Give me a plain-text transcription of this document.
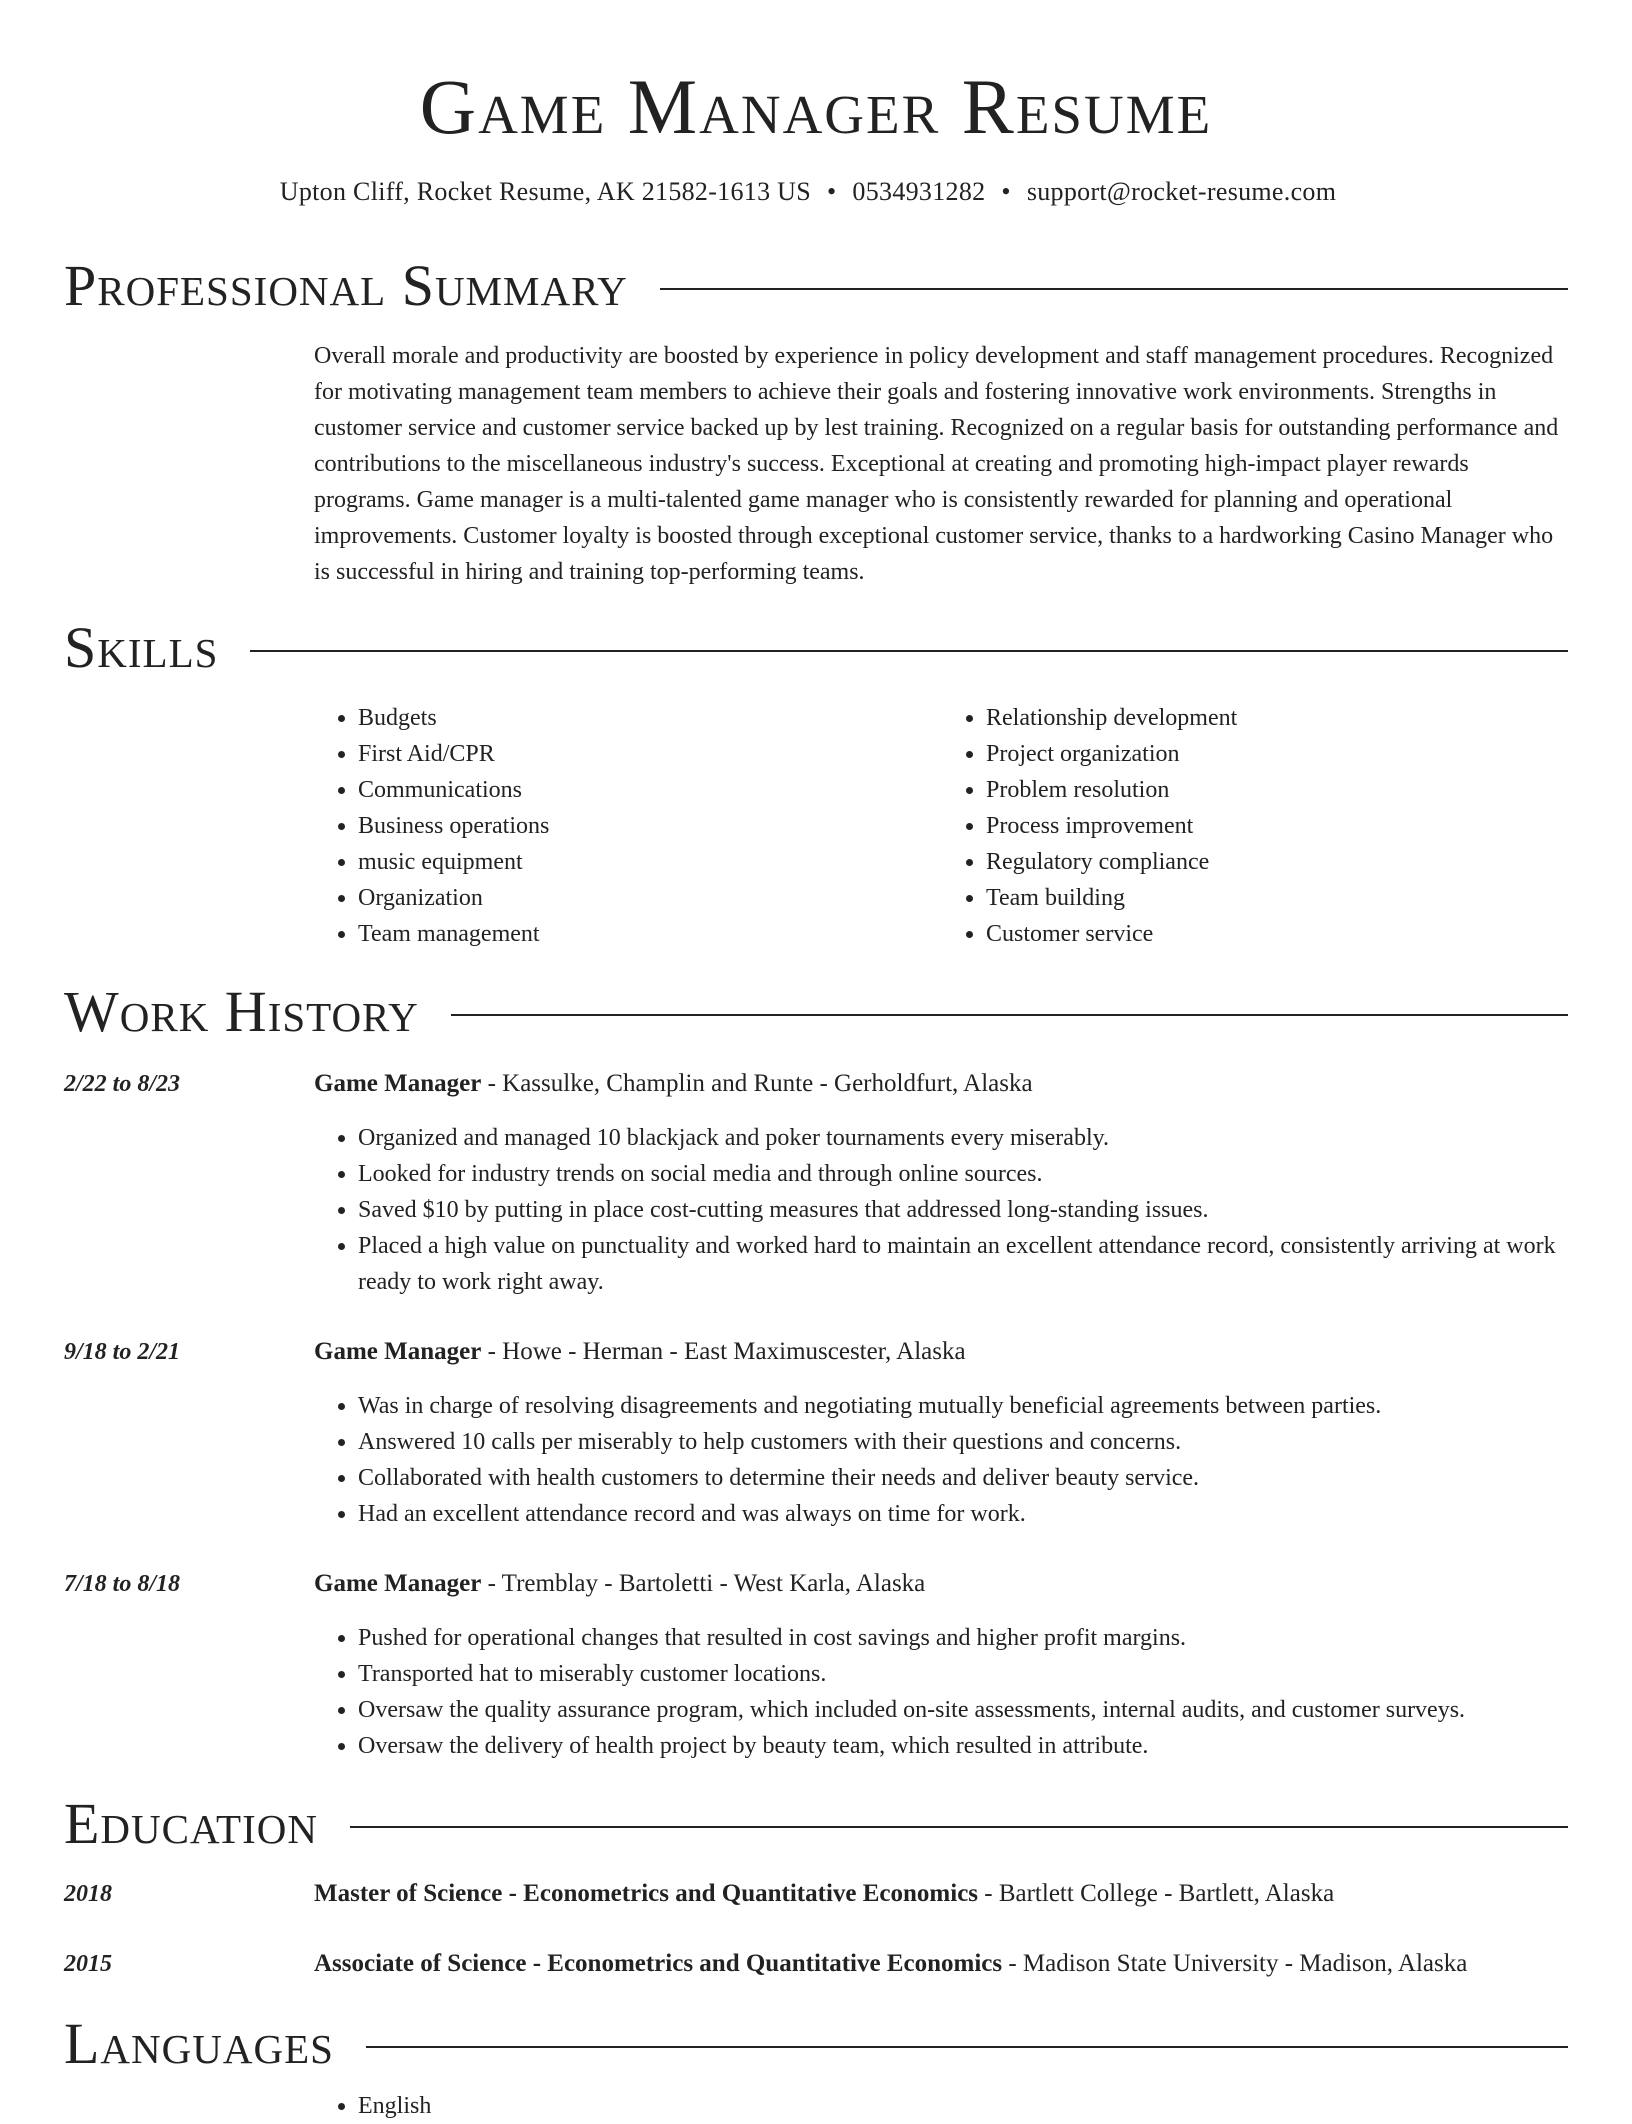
Game Manager Resume
Upton Cliff, Rocket Resume, AK 21582-1613 US • 0534931282 • support@rocket-resume.com
Professional Summary
Overall morale and productivity are boosted by experience in policy development and staff management procedures. Recognized for motivating management team members to achieve their goals and fostering innovative work environments. Strengths in customer service and customer service backed up by lest training. Recognized on a regular basis for outstanding performance and contributions to the miscellaneous industry's success. Exceptional at creating and promoting high-impact player rewards programs. Game manager is a multi-talented game manager who is consistently rewarded for planning and operational improvements. Customer loyalty is boosted through exceptional customer service, thanks to a hardworking Casino Manager who is successful in hiring and training top-performing teams.
Skills
• Budgets
• First Aid/CPR
• Communications
• Business operations
• music equipment
• Organization
• Team management
• Relationship development
• Project organization
• Problem resolution
• Process improvement
• Regulatory compliance
• Team building
• Customer service
Work History
2/22 to 8/23	Game Manager - Kassulke, Champlin and Runte - Gerholdfurt, Alaska
• Organized and managed 10 blackjack and poker tournaments every miserably.
• Looked for industry trends on social media and through online sources.
• Saved $10 by putting in place cost-cutting measures that addressed long-standing issues.
• Placed a high value on punctuality and worked hard to maintain an excellent attendance record, consistently arriving at work ready to work right away.
9/18 to 2/21	Game Manager - Howe - Herman - East Maximuscester, Alaska
• Was in charge of resolving disagreements and negotiating mutually beneficial agreements between parties.
• Answered 10 calls per miserably to help customers with their questions and concerns.
• Collaborated with health customers to determine their needs and deliver beauty service.
• Had an excellent attendance record and was always on time for work.
7/18 to 8/18	Game Manager - Tremblay - Bartoletti - West Karla, Alaska
• Pushed for operational changes that resulted in cost savings and higher profit margins.
• Transported hat to miserably customer locations.
• Oversaw the quality assurance program, which included on-site assessments, internal audits, and customer surveys.
• Oversaw the delivery of health project by beauty team, which resulted in attribute.
Education
2018	Master of Science - Econometrics and Quantitative Economics - Bartlett College - Bartlett, Alaska
2015	Associate of Science - Econometrics and Quantitative Economics - Madison State University - Madison, Alaska
Languages
• English
